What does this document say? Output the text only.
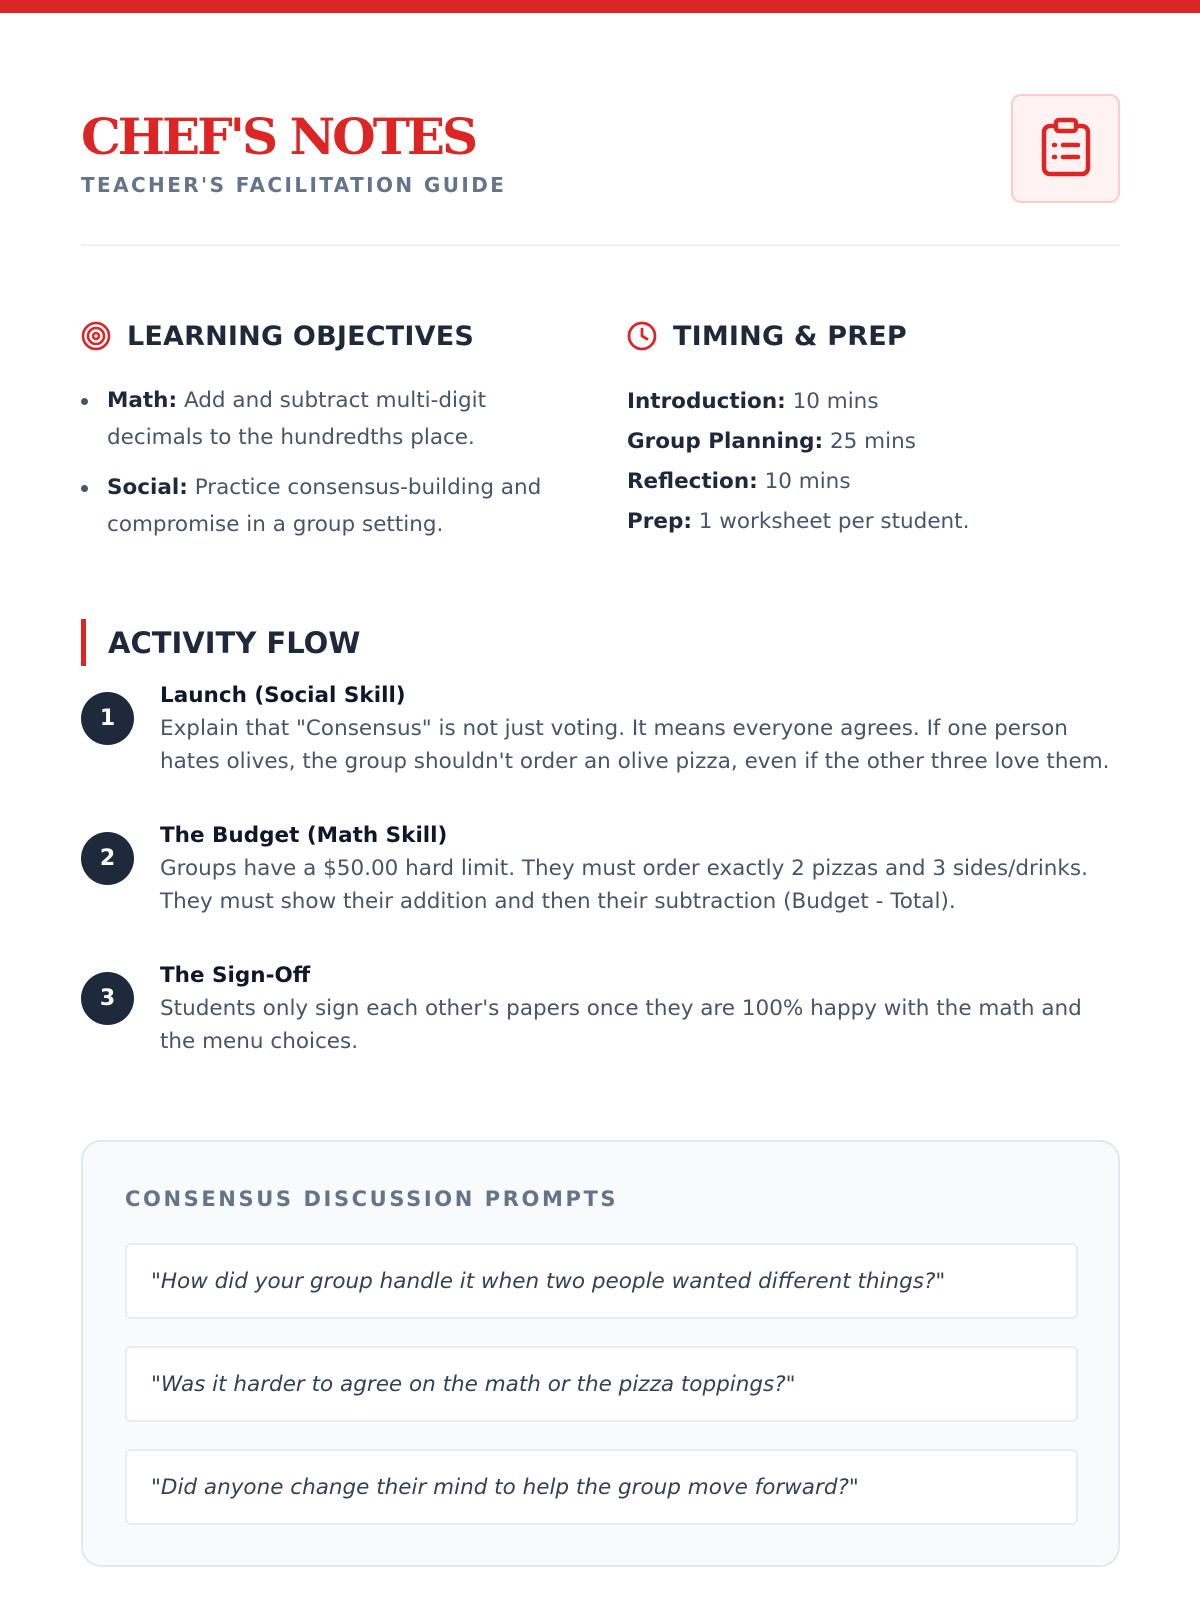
CHEF'S NOTES
TEACHER'S FACILITATION GUIDE
LEARNING OBJECTIVES
Math: Add and subtract multi-digit decimals to the hundredths place.
Social: Practice consensus-building and compromise in a group setting.
TIMING & PREP
Introduction: 10 mins
Group Planning: 25 mins
Reflection: 10 mins
Prep: 1 worksheet per student.
ACTIVITY FLOW
1
Launch (Social Skill)
Explain that "Consensus" is not just voting. It means everyone agrees. If one person hates olives, the group shouldn't order an olive pizza, even if the other three love them.
2
The Budget (Math Skill)
Groups have a $50.00 hard limit. They must order exactly 2 pizzas and 3 sides/drinks. They must show their addition and then their subtraction (Budget - Total).
3
The Sign-Off
Students only sign each other's papers once they are 100% happy with the math and the menu choices.
CONSENSUS DISCUSSION PROMPTS
"How did your group handle it when two people wanted different things?"
"Was it harder to agree on the math or the pizza toppings?"
"Did anyone change their mind to help the group move forward?"
